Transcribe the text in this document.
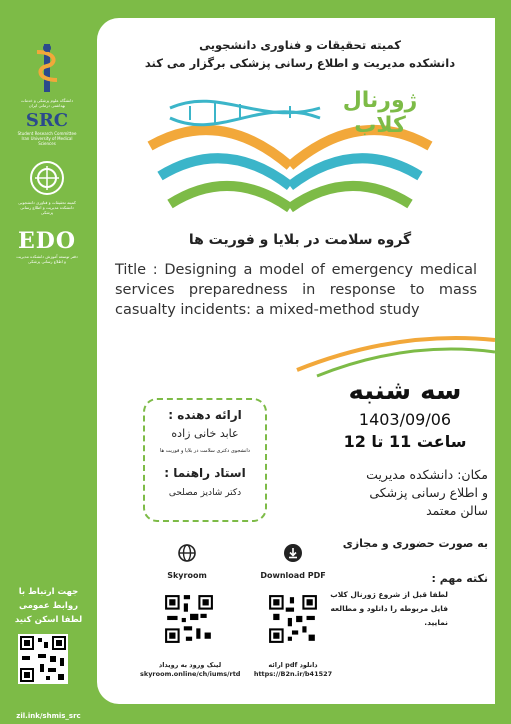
دانشگاه علوم پزشکی و خدمات بهداشتی درمانی ایران
SRC
Student Research Committee Iran University of Medical Sciences
کمیته تحقیقات و فناوری دانشجویی دانشکده مدیریت و اطلاع رسانی پزشکی
EDO
دفتر توسعه آموزش دانشکده مدیریت و اطلاع رسانی پزشکی
جهت ارتباط با
روابط عمومی
لطفا اسکن کنید
zil.ink/shmis_src
کمیته تحقیقات و فناوری دانشجویی
دانشکده مدیریت و اطلاع رسانی پزشکی برگزار می کند
ژورنال کلاب
گروه سلامت در بلایا و فوریت ها
Title : Designing a model of emergency medical services preparedness in response to mass casualty incidents: a mixed-method study
سه شنبه
1403/09/06
ساعت 11 تا 12
ارائه دهنده :
عابد خانی زاده
دانشجوی دکتری سلامت در بلایا و فوریت ها
استاد راهنما :
دکتر شادیز مصلحی
مکان: دانشکده مدیریت
و اطلاع رسانی پزشکی
سالن معتمد
به صورت حضوری و مجازی
نکته مهم :
لطفا قبل از شروع ژورنال کلاب
فایل مربوطه را دانلود و مطالعه
نمایید.
Skyroom
لینک ورود به رویداد
skyroom.online/ch/iums/rtd
Download PDF
دانلود pdf ارائه
https://B2n.ir/b41527
